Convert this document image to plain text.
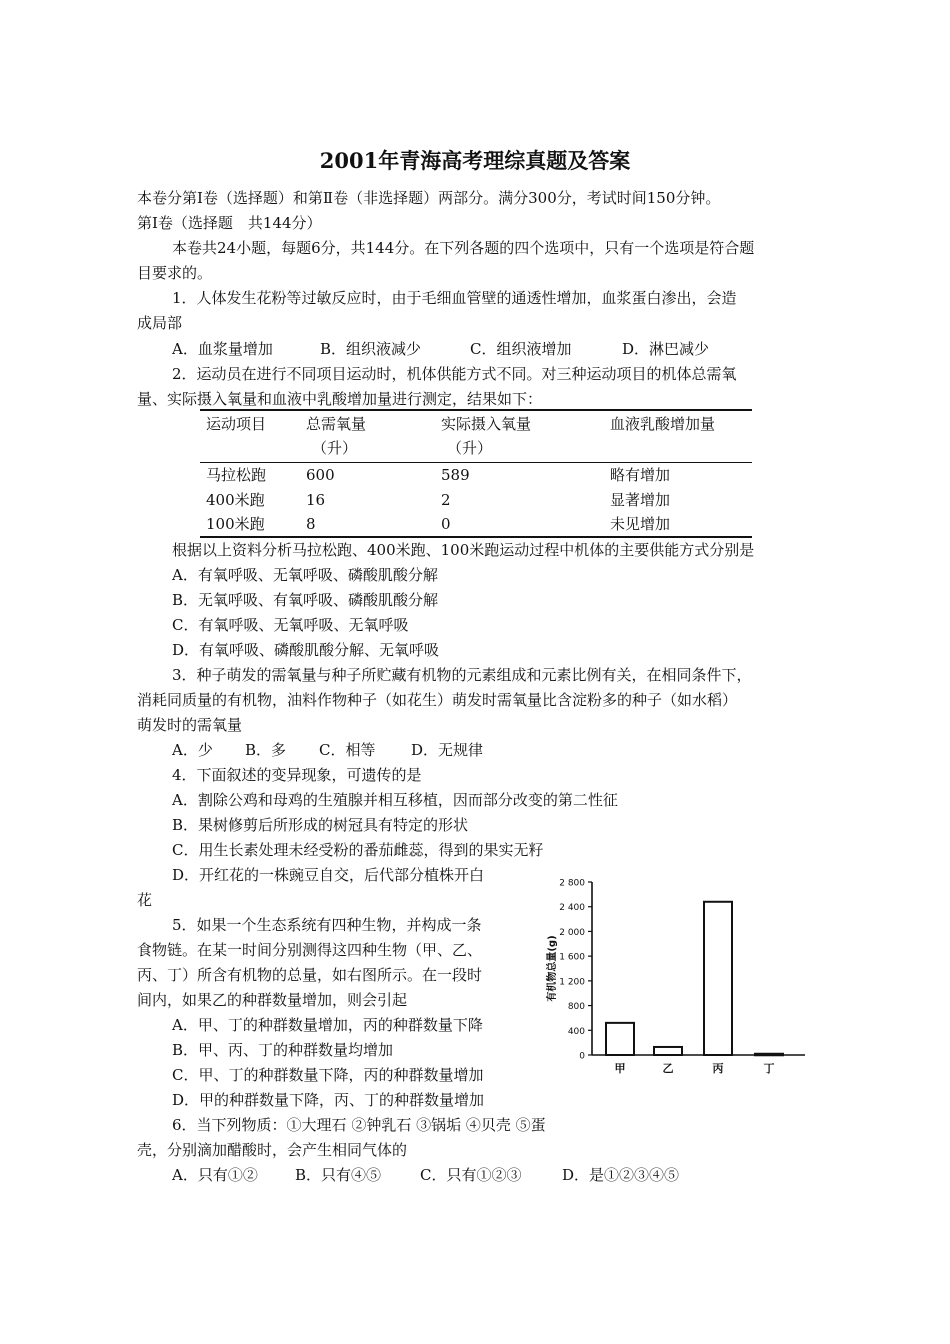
2001年青海高考理综真题及答案
本卷分第Ⅰ卷（选择题）和第Ⅱ卷（非选择题）两部分。满分300分，考试时间150分钟。
第Ⅰ卷（选择题　共144分）
本卷共24小题，每题6分，共144分。在下列各题的四个选项中，只有一个选项是符合题
目要求的。
1．人体发生花粉等过敏反应时，由于毛细血管壁的通透性增加，血浆蛋白渗出，会造
成局部
A．血浆量增加	B．组织液减少	C．组织液增加	D．淋巴减少
2．运动员在进行不同项目运动时，机体供能方式不同。对三种运动项目的机体总需氧
量、实际摄入氧量和血液中乳酸增加量进行测定，结果如下：
运动项目	总需氧量	实际摄入氧量	血液乳酸增加量
（升）	（升）
马拉松跑	600	589	略有增加
400米跑	16	2	显著增加
100米跑	8	0	未见增加
根据以上资料分析马拉松跑、400米跑、100米跑运动过程中机体的主要供能方式分别是
A．有氧呼吸、无氧呼吸、磷酸肌酸分解
B．无氧呼吸、有氧呼吸、磷酸肌酸分解
C．有氧呼吸、无氧呼吸、无氧呼吸
D．有氧呼吸、磷酸肌酸分解、无氧呼吸
3．种子萌发的需氧量与种子所贮藏有机物的元素组成和元素比例有关，在相同条件下，
消耗同质量的有机物，油料作物种子（如花生）萌发时需氧量比含淀粉多的种子（如水稻）
萌发时的需氧量
A．少 B．多 C．相等 D．无规律
4．下面叙述的变异现象，可遗传的是
A．割除公鸡和母鸡的生殖腺并相互移植，因而部分改变的第二性征
B．果树修剪后所形成的树冠具有特定的形状
C．用生长素处理未经受粉的番茄雌蕊，得到的果实无籽
D．开红花的一株豌豆自交，后代部分植株开白
花
5．如果一个生态系统有四种生物，并构成一条
食物链。在某一时间分别测得这四种生物（甲、乙、
丙、丁）所含有机物的总量，如右图所示。在一段时
间内，如果乙的种群数量增加，则会引起
A．甲、丁的种群数量增加，丙的种群数量下降
B．甲、丙、丁的种群数量均增加
C．甲、丁的种群数量下降，丙的种群数量增加
D．甲的种群数量下降，丙、丁的种群数量增加
6．当下列物质：①大理石 ②钟乳石 ③锅垢 ④贝壳 ⑤蛋
壳，分别滴加醋酸时，会产生相同气体的
A．只有①② B．只有④⑤	C．只有①②③	D．是①②③④⑤
0
400
800
1 200
1 600
2 000
2 400
2 800
有机物总量(g)
甲	乙	丙	丁
